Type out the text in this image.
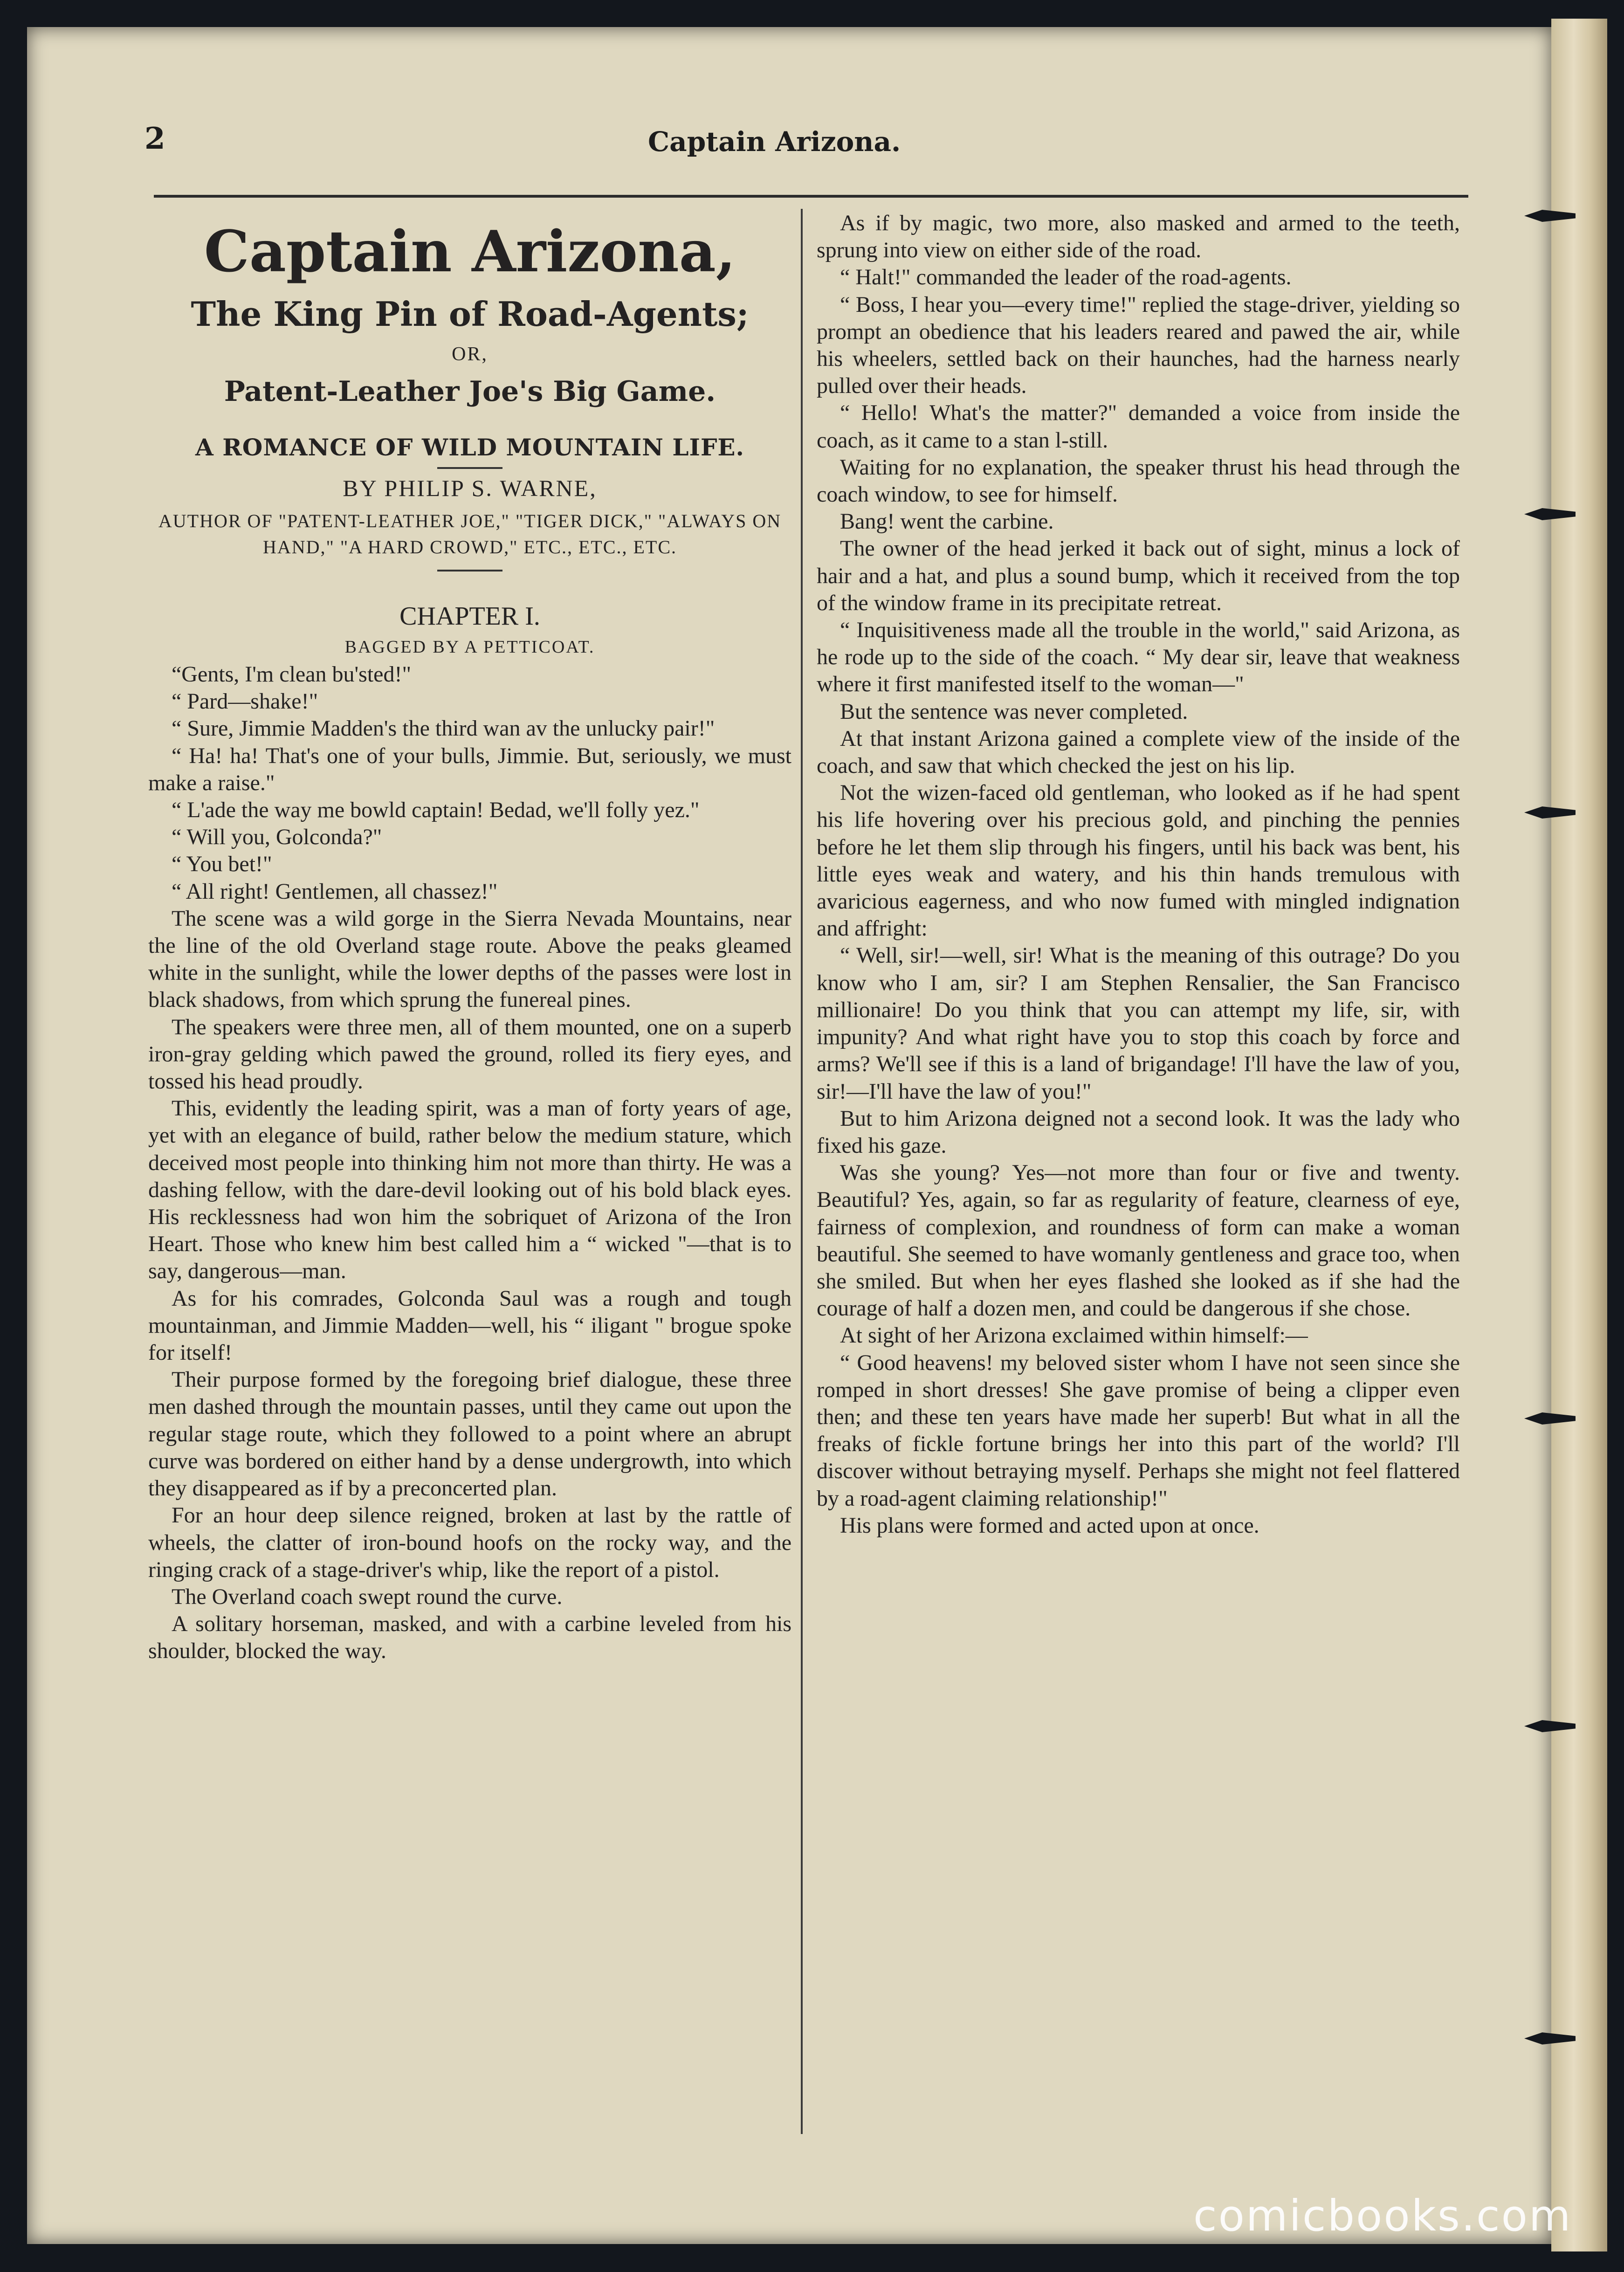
2	Captain Arizona.
Captain Arizona,
The King Pin of Road-Agents;
OR,
Patent-Leather Joe's Big Game.
A ROMANCE OF WILD MOUNTAIN LIFE.
BY PHILIP S. WARNE,
AUTHOR OF "PATENT-LEATHER JOE," "TIGER DICK," "ALWAYS ON HAND," "A HARD CROWD," ETC., ETC., ETC.
CHAPTER I.
BAGGED BY A PETTICOAT.

“Gents, I'm clean bu'sted!"

“ Pard—shake!"

“ Sure, Jimmie Madden's the third wan av the unlucky pair!"

“ Ha! ha! That's one of your bulls, Jimmie. But, seriously, we must make a raise."

“ L'ade the way me bowld captain! Bedad, we'll folly yez."

“ Will you, Golconda?"

“ You bet!"

“ All right! Gentlemen, all chassez!"

The scene was a wild gorge in the Sierra Nevada Mountains, near the line of the old Overland stage route. Above the peaks gleamed white in the sunlight, while the lower depths of the passes were lost in black shadows, from which sprung the funereal pines.

The speakers were three men, all of them mounted, one on a superb iron-gray gelding which pawed the ground, rolled its fiery eyes, and tossed his head proudly.

This, evidently the leading spirit, was a man of forty years of age, yet with an elegance of build, rather below the medium stature, which deceived most people into thinking him not more than thirty. He was a dashing fellow, with the dare-devil looking out of his bold black eyes. His recklessness had won him the sobriquet of Arizona of the Iron Heart. Those who knew him best called him a “ wicked "—that is to say, dangerous—man.

As for his comrades, Golconda Saul was a rough and tough mountainman, and Jimmie Madden—well, his “ iligant " brogue spoke for itself!

Their purpose formed by the foregoing brief dialogue, these three men dashed through the mountain passes, until they came out upon the regular stage route, which they followed to a point where an abrupt curve was bordered on either hand by a dense undergrowth, into which they disappeared as if by a preconcerted plan.

For an hour deep silence reigned, broken at last by the rattle of wheels, the clatter of iron-bound hoofs on the rocky way, and the ringing crack of a stage-driver's whip, like the report of a pistol.

The Overland coach swept round the curve.

A solitary horseman, masked, and with a carbine leveled from his shoulder, blocked the way.

As if by magic, two more, also masked and armed to the teeth, sprung into view on either side of the road.

“ Halt!" commanded the leader of the road-agents.

“ Boss, I hear you—every time!" replied the stage-driver, yielding so prompt an obedience that his leaders reared and pawed the air, while his wheelers, settled back on their haunches, had the harness nearly pulled over their heads.

“ Hello! What's the matter?" demanded a voice from inside the coach, as it came to a stan l-still.

Waiting for no explanation, the speaker thrust his head through the coach window, to see for himself.

Bang! went the carbine.

The owner of the head jerked it back out of sight, minus a lock of hair and a hat, and plus a sound bump, which it received from the top of the window frame in its precipitate retreat.

“ Inquisitiveness made all the trouble in the world," said Arizona, as he rode up to the side of the coach. “ My dear sir, leave that weakness where it first manifested itself to the woman—"

But the sentence was never completed.

At that instant Arizona gained a complete view of the inside of the coach, and saw that which checked the jest on his lip.

Not the wizen-faced old gentleman, who looked as if he had spent his life hovering over his precious gold, and pinching the pennies before he let them slip through his fingers, until his back was bent, his little eyes weak and watery, and his thin hands tremulous with avaricious eagerness, and who now fumed with mingled indignation and affright:

“ Well, sir!—well, sir! What is the meaning of this outrage? Do you know who I am, sir? I am Stephen Rensalier, the San Francisco millionaire! Do you think that you can attempt my life, sir, with impunity? And what right have you to stop this coach by force and arms? We'll see if this is a land of brigandage! I'll have the law of you, sir!—I'll have the law of you!"

But to him Arizona deigned not a second look. It was the lady who fixed his gaze.

Was she young? Yes—not more than four or five and twenty. Beautiful? Yes, again, so far as regularity of feature, clearness of eye, fairness of complexion, and roundness of form can make a woman beautiful. She seemed to have womanly gentleness and grace too, when she smiled. But when her eyes flashed she looked as if she had the courage of half a dozen men, and could be dangerous if she chose.

At sight of her Arizona exclaimed within himself:—

“ Good heavens! my beloved sister whom I have not seen since she romped in short dresses! She gave promise of being a clipper even then; and these ten years have made her superb! But what in all the freaks of fickle fortune brings her into this part of the world? I'll discover without betraying myself. Perhaps she might not feel flattered by a road-agent claiming relationship!"

His plans were formed and acted upon at once.

comicbooks.com
